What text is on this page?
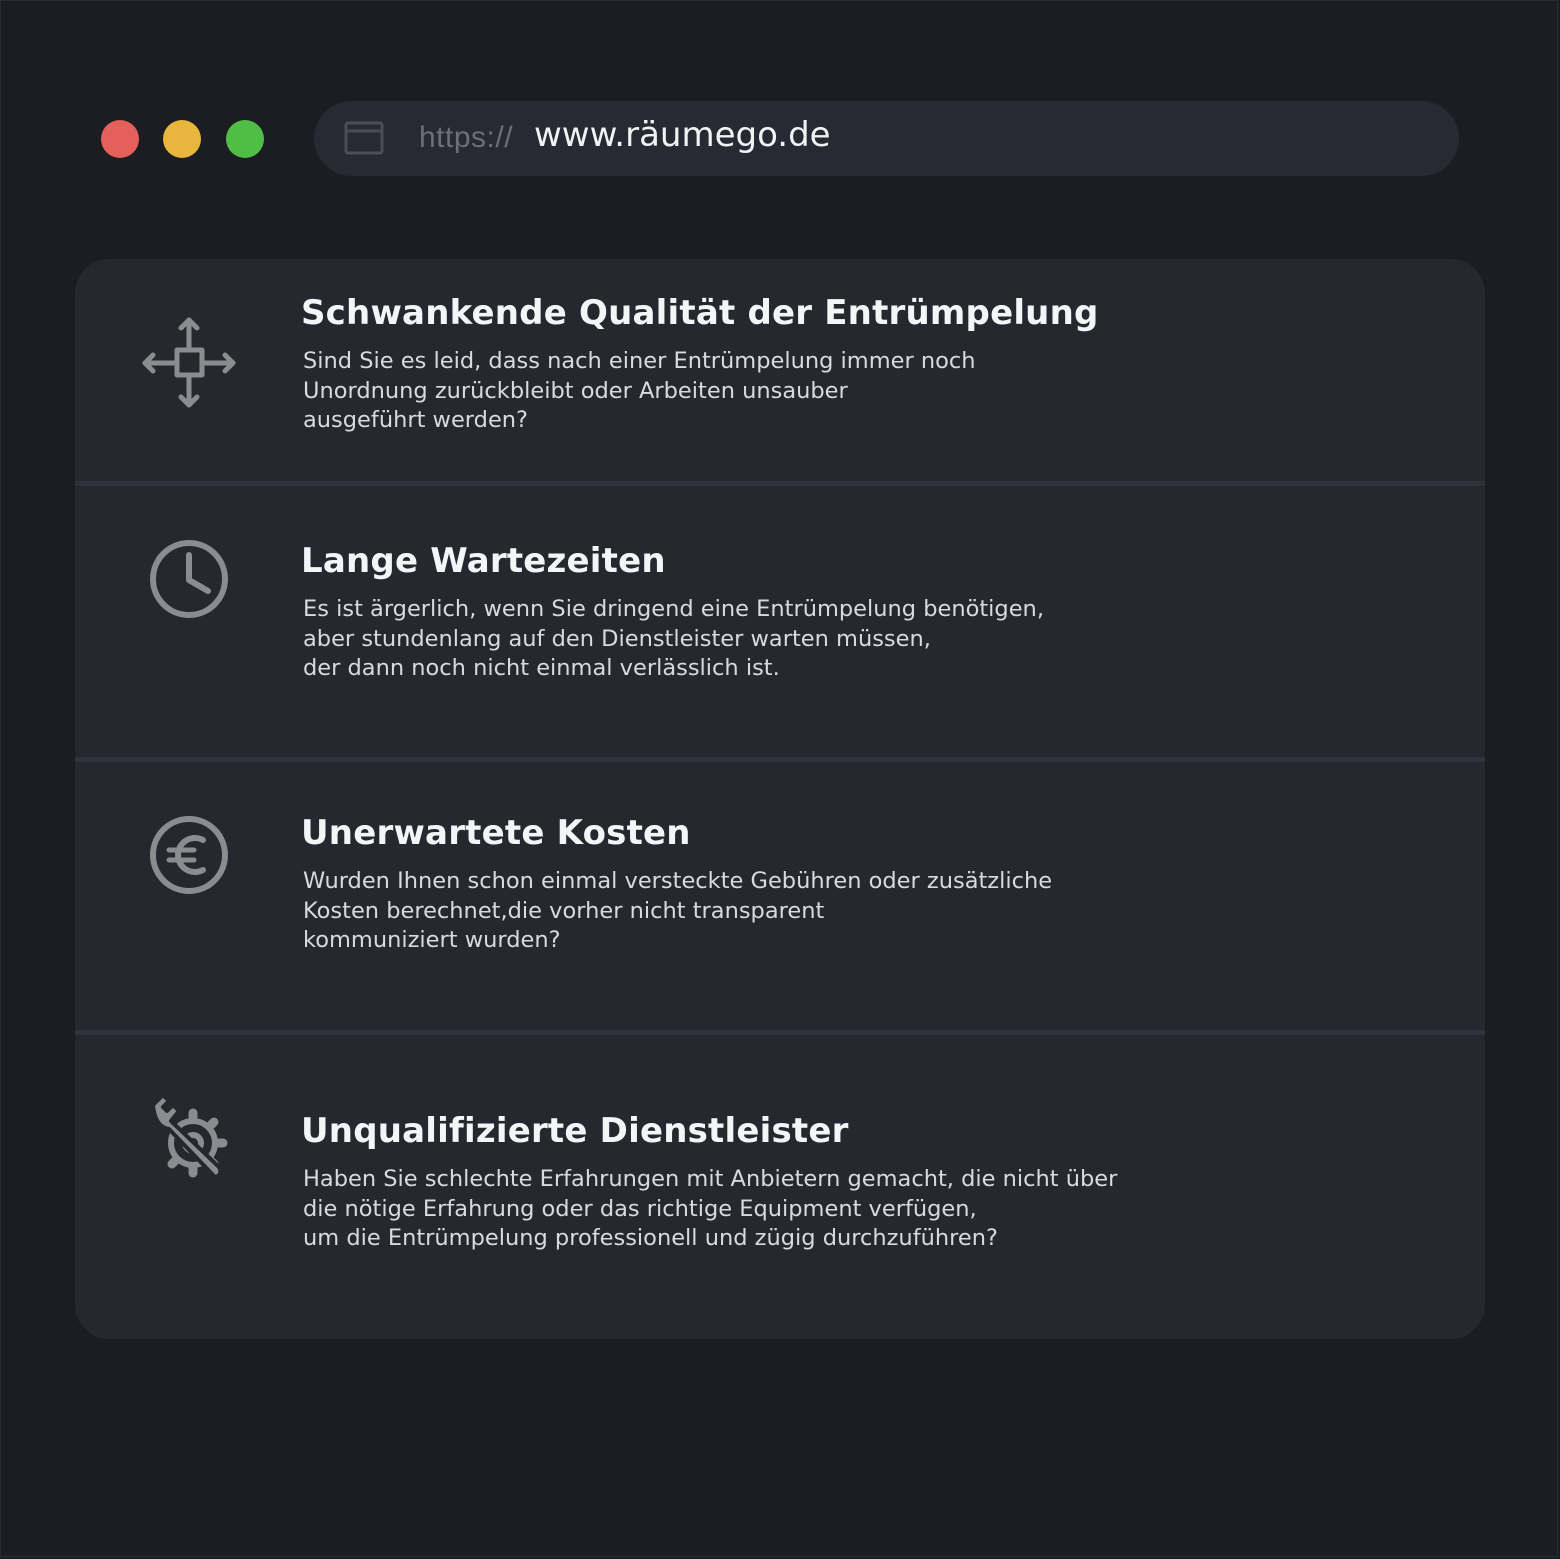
https:// www.räumego.de
Schwankende Qualität der Entrümpelung

Sind Sie es leid, dass nach einer Entrümpelung immer noch
Unordnung zurückbleibt oder Arbeiten unsauber
ausgeführt werden?

Lange Wartezeiten

Es ist ärgerlich, wenn Sie dringend eine Entrümpelung benötigen,
aber stundenlang auf den Dienstleister warten müssen,
der dann noch nicht einmal verlässlich ist.

Unerwartete Kosten

Wurden Ihnen schon einmal versteckte Gebühren oder zusätzliche
Kosten berechnet,die vorher nicht transparent
kommuniziert wurden?

Unqualifizierte Dienstleister

Haben Sie schlechte Erfahrungen mit Anbietern gemacht, die nicht über
die nötige Erfahrung oder das richtige Equipment verfügen,
um die Entrümpelung professionell und zügig durchzuführen?
